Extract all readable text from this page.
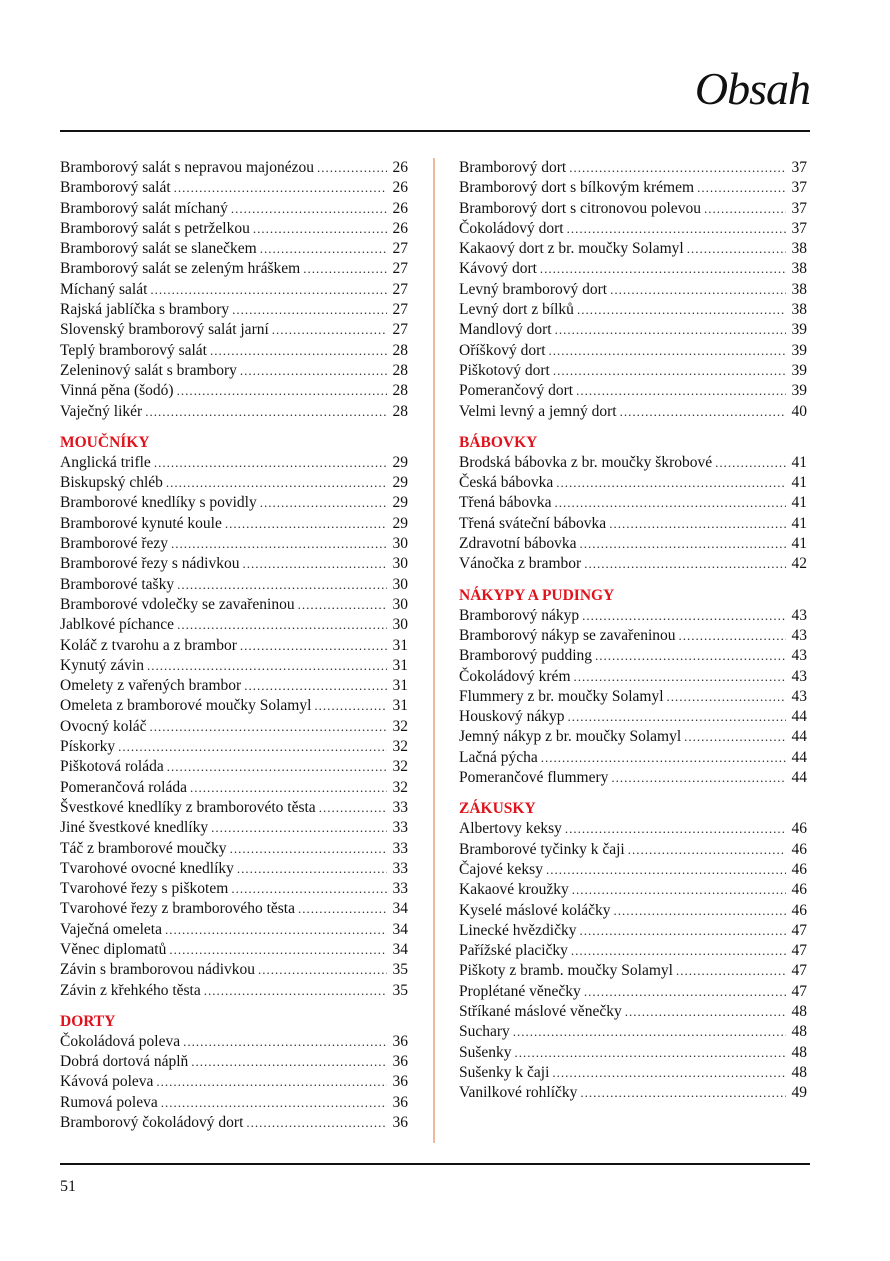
Obsah
Bramborový salát s nepravou majonézou .....	26
Bramborový salát .....	26
Bramborový salát míchaný .....	26
Bramborový salát s petrželkou .....	26
Bramborový salát se slanečkem .....	27
Bramborový salát se zeleným hráškem .....	27
Míchaný salát .....	27
Rajská jablíčka s brambory .....	27
Slovenský bramborový salát jarní .....	27
Teplý bramborový salát .....	28
Zeleninový salát s brambory .....	28
Vinná pěna (šodó) .....	28
Vaječný likér .....	28
MOUČNÍKY
Anglická trifle .....	29
Biskupský chléb .....	29
Bramborové knedlíky s povidly .....	29
Bramborové kynuté koule .....	29
Bramborové řezy .....	30
Bramborové řezy s nádivkou .....	30
Bramborové tašky .....	30
Bramborové vdolečky se zavařeninou .....	30
Jablkové píchance .....	30
Koláč z tvarohu a z brambor .....	31
Kynutý závin .....	31
Omelety z vařených brambor .....	31
Omeleta z bramborové moučky Solamyl .....	31
Ovocný koláč .....	32
Pískorky .....	32
Piškotová roláda .....	32
Pomerančová roláda .....	32
Švestkové knedlíky z bramborovéto těsta .....	33
Jiné švestkové knedlíky .....	33
Táč z bramborové moučky .....	33
Tvarohové ovocné knedlíky .....	33
Tvarohové řezy s piškotem .....	33
Tvarohové řezy z bramborového těsta .....	34
Vaječná omeleta .....	34
Věnec diplomatů .....	34
Závin s bramborovou nádivkou .....	35
Závin z křehkého těsta .....	35
DORTY
Čokoládová poleva .....	36
Dobrá dortová náplň .....	36
Kávová poleva .....	36
Rumová poleva .....	36
Bramborový čokoládový dort .....	36
Bramborový dort .....	37
Bramborový dort s bílkovým krémem .....	37
Bramborový dort s citronovou polevou .....	37
Čokoládový dort .....	37
Kakaový dort z br. moučky Solamyl .....	38
Kávový dort .....	38
Levný bramborový dort .....	38
Levný dort z bílků .....	38
Mandlový dort .....	39
Oříškový dort .....	39
Piškotový dort .....	39
Pomerančový dort .....	39
Velmi levný a jemný dort .....	40
BÁBOVKY
Brodská bábovka z br. moučky škrobové .....	41
Česká bábovka .....	41
Třená bábovka .....	41
Třená sváteční bábovka .....	41
Zdravotní bábovka .....	41
Vánočka z brambor .....	42
NÁKYPY A PUDINGY
Bramborový nákyp .....	43
Bramborový nákyp se zavařeninou .....	43
Bramborový pudding .....	43
Čokoládový krém .....	43
Flummery z br. moučky Solamyl .....	43
Houskový nákyp .....	44
Jemný nákyp z br. moučky Solamyl .....	44
Lačná pýcha .....	44
Pomerančové flummery .....	44
ZÁKUSKY
Albertovy keksy .....	46
Bramborové tyčinky k čaji .....	46
Čajové keksy .....	46
Kakaové kroužky .....	46
Kyselé máslové koláčky .....	46
Linecké hvězdičky .....	47
Pařížské placičky .....	47
Piškoty z bramb. moučky Solamyl .....	47
Proplétané věnečky .....	47
Stříkané máslové věnečky .....	48
Suchary .....	48
Sušenky .....	48
Sušenky k čaji .....	48
Vanilkové rohlíčky .....	49
51
